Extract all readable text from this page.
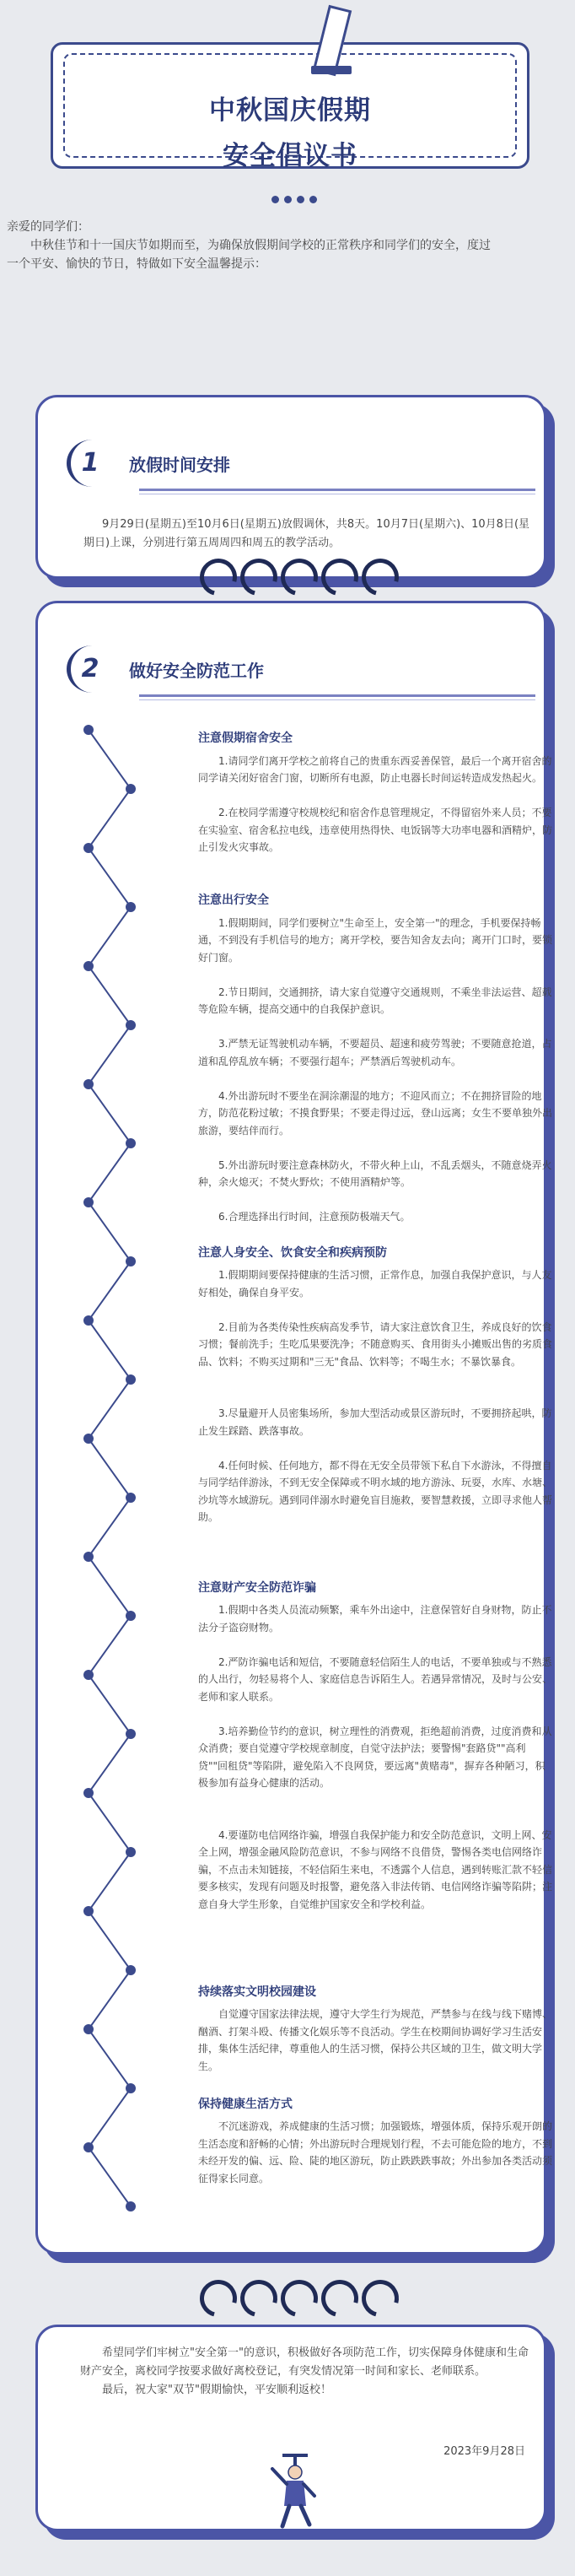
中秋国庆假期
安全倡议书

亲爱的同学们：

中秋佳节和十一国庆节如期而至，为确保放假期间学校的正常秩序和同学们的安全，度过

一个平安、愉快的节日，特做如下安全温馨提示：

1	放假时间安排
9月29日(星期五)至10月6日(星期五)放假调休，共8天。10月7日(星期六)、10月8日(星期日)上课，分别进行第五周周四和周五的教学活动。
2	做好安全防范工作
注意假期宿舍安全
1.请同学们离开学校之前将自己的贵重东西妥善保管，最后一个离开宿舍的同学请关闭好宿舍门窗，切断所有电源，防止电器长时间运转造成发热起火。
2.在校同学需遵守校规校纪和宿舍作息管理规定，不得留宿外来人员；不要在实验室、宿舍私拉电线，违章使用热得快、电饭锅等大功率电器和酒精炉，防止引发火灾事故。
注意出行安全
1.假期期间，同学们要树立"生命至上，安全第一"的理念，手机要保持畅通，不到没有手机信号的地方；离开学校，要告知舍友去向；离开门口时，要锁好门窗。
2.节日期间，交通拥挤，请大家自觉遵守交通规则，不乘坐非法运营、超载等危险车辆，提高交通中的自我保护意识。
3.严禁无证驾驶机动车辆，不要超员、超速和疲劳驾驶；不要随意抢道，占道和乱停乱放车辆；不要强行超车；严禁酒后驾驶机动车。
4.外出游玩时不要坐在洞涂潮湿的地方；不迎风而立；不在拥挤冒险的地方，防范花粉过敏；不摸食野果；不要走得过远，登山远离；女生不要单独外出旅游，要结伴而行。
5.外出游玩时要注意森林防火，不带火种上山，不乱丢烟头，不随意烧弄火种，余火熄灭；不焚火野炊；不使用酒精炉等。
6.合理选择出行时间，注意预防极端天气。
注意人身安全、饮食安全和疾病预防
1.假期期间要保持健康的生活习惯，正常作息，加强自我保护意识，与人友好相处，确保自身平安。
2.目前为各类传染性疾病高发季节，请大家注意饮食卫生，养成良好的饮食习惯；餐前洗手；生吃瓜果要洗净；不随意购买、食用街头小摊贩出售的劣质食品、饮料；不购买过期和"三无"食品、饮料等；不喝生水；不暴饮暴食。
3.尽量避开人员密集场所，参加大型活动或景区游玩时，不要拥挤起哄，防止发生踩踏、跌落事故。
4.任何时候、任何地方，都不得在无安全员带领下私自下水游泳，不得擅自与同学结伴游泳，不到无安全保障或不明水域的地方游泳、玩耍，水库、水塘、沙坑等水域游玩。遇到同伴溺水时避免盲目施救，要智慧救援，立即寻求他人帮助。
注意财产安全防范诈骗
1.假期中各类人员流动频繁，乘车外出途中，注意保管好自身财物，防止不法分子盗窃财物。
2.严防诈骗电话和短信，不要随意轻信陌生人的电话，不要单独或与不熟悉的人出行，勿轻易将个人、家庭信息告诉陌生人。若遇异常情况，及时与公安、老师和家人联系。
3.培养勤俭节约的意识，树立理性的消费观，拒绝超前消费，过度消费和从众消费；要自觉遵守学校规章制度，自觉守法护法；要警惕"套路贷""高利贷""回租贷"等陷阱，避免陷入不良网贷，要远离"黄赌毒"，摒弃各种陋习，积极参加有益身心健康的活动。
4.要谨防电信网络诈骗，增强自我保护能力和安全防范意识，文明上网、安全上网，增强金融风险防范意识，不参与网络不良借贷，警惕各类电信网络诈骗，不点击未知链接，不轻信陌生来电，不透露个人信息，遇到转账汇款不轻信要多核实，发现有问题及时报警，避免落入非法传销、电信网络诈骗等陷阱；注意自身大学生形象，自觉维护国家安全和学校利益。
持续落实文明校园建设
自觉遵守国家法律法规，遵守大学生行为规范，严禁参与在线与线下赌博、酗酒、打架斗殴、传播文化娱乐等不良活动。学生在校期间协调好学习生活安排，集体生活纪律，尊重他人的生活习惯，保持公共区域的卫生，做文明大学生。
保持健康生活方式
不沉迷游戏，养成健康的生活习惯；加强锻炼，增强体质，保持乐观开朗的生活态度和舒畅的心情；外出游玩时合理规划行程，不去可能危险的地方，不到未经开发的偏、远、险、陡的地区游玩，防止跌跌跌事故；外出参加各类活动须征得家长同意。

希望同学们牢树立"安全第一"的意识，积极做好各项防范工作，切实保障身体健康和生命财产安全，离校同学按要求做好离校登记，有突发情况第一时间和家长、老师联系。

最后，祝大家"双节"假期愉快，平安顺利返校！

2023年9月28日
